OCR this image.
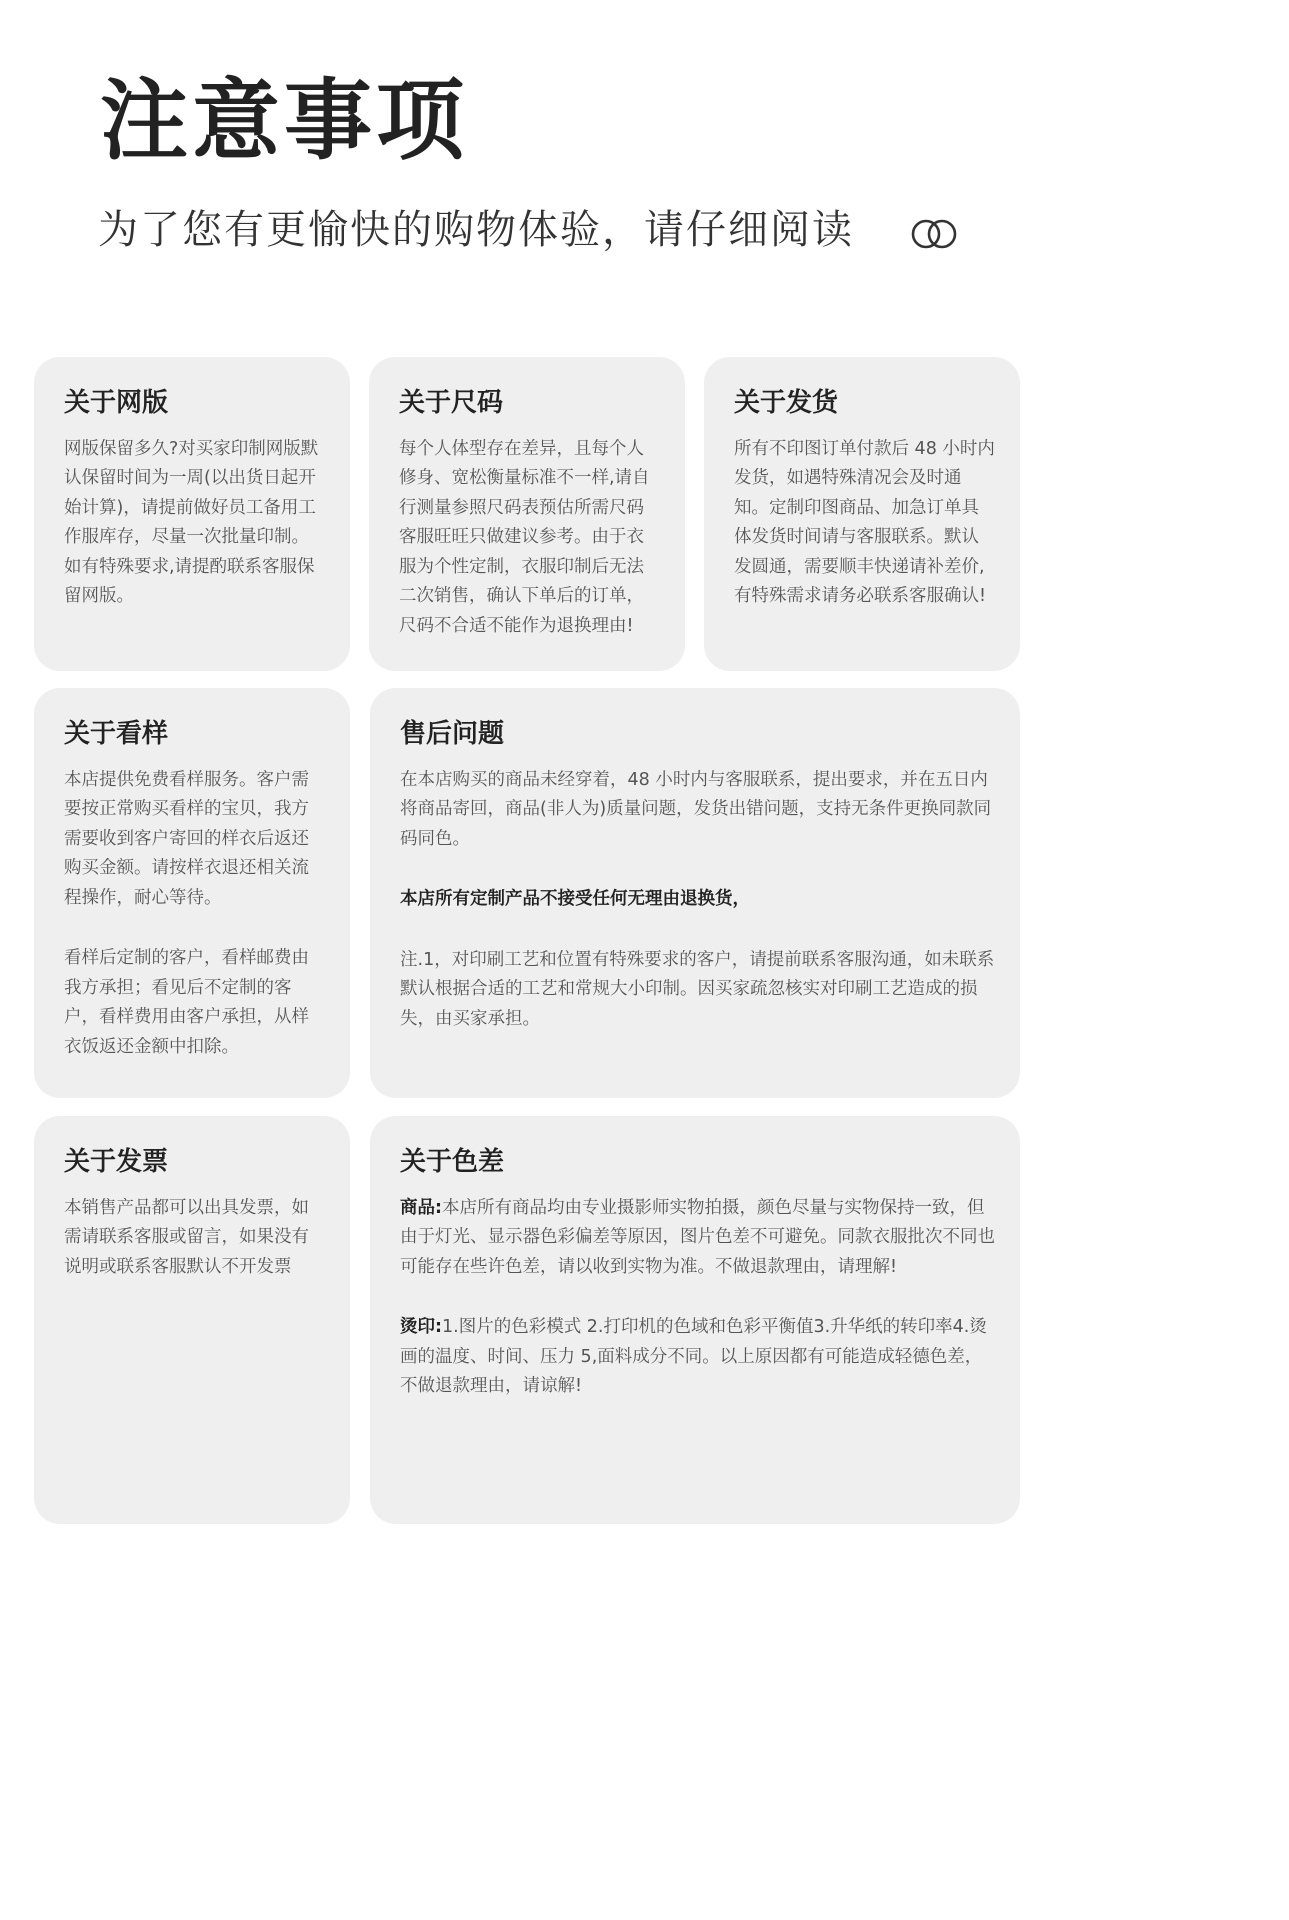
注意事项
为了您有更愉快的购物体验，请仔细阅读
关于网版

网版保留多久?对买家印制网版默认保留时间为一周(以出货日起开始计算)，请提前做好员工备用工作服库存，尽量一次批量印制。如有特殊要求,请提酌联系客服保留网版。

关于尺码

每个人体型存在差异，且每个人修身、宽松衡量标准不一样,请自行测量参照尺码表预估所需尺码客服旺旺只做建议参考。由于衣服为个性定制，衣服印制后无法二次销售，确认下单后的订单，尺码不合适不能作为退换理由!

关于发货

所有不印图订单付款后 48 小时内发货，如遇特殊清况会及时通知。定制印图商品、加急订单具体发货时间请与客服联系。默认发圆通，需要顺丰快递请补差价,有特殊需求请务必联系客服确认!

关于看样

本店提供免费看样服务。客户需要按正常购买看样的宝贝，我方需要收到客户寄回的样衣后返还购买金额。请按样衣退还相关流程操作，耐心等待。

看样后定制的客户，看样邮费由我方承担；看见后不定制的客户，看样费用由客户承担，从样衣饭返还金额中扣除。

售后问题

在本店购买的商品未经穿着，48 小时内与客服联系，提出要求，并在五日内将商品寄回，商品(非人为)质量问题，发货出错问题，支持无条件更换同款同码同色。

本店所有定制产品不接受任何无理由退换货，

注.1，对印刷工艺和位置有特殊要求的客户，请提前联系客服沟通，如未联系默认根据合适的工艺和常规大小印制。因买家疏忽核实对印刷工艺造成的损失，由买家承担。

关于发票

本销售产品都可以出具发票，如需请联系客服或留言，如果没有说明或联系客服默认不开发票

关于色差

商品:本店所有商品均由专业摄影师实物拍摄，颜色尽量与实物保持一致，但由于灯光、显示器色彩偏差等原因，图片色差不可避免。同款衣服批次不同也可能存在些许色差，请以收到实物为准。不做退款理由，请理解!

烫印:1.图片的色彩模式 2.打印机的色域和色彩平衡值3.升华纸的转印率4.烫画的温度、时间、压力 5,面料成分不同。以上原因都有可能造成轻德色差，不做退款理由，请谅解!
